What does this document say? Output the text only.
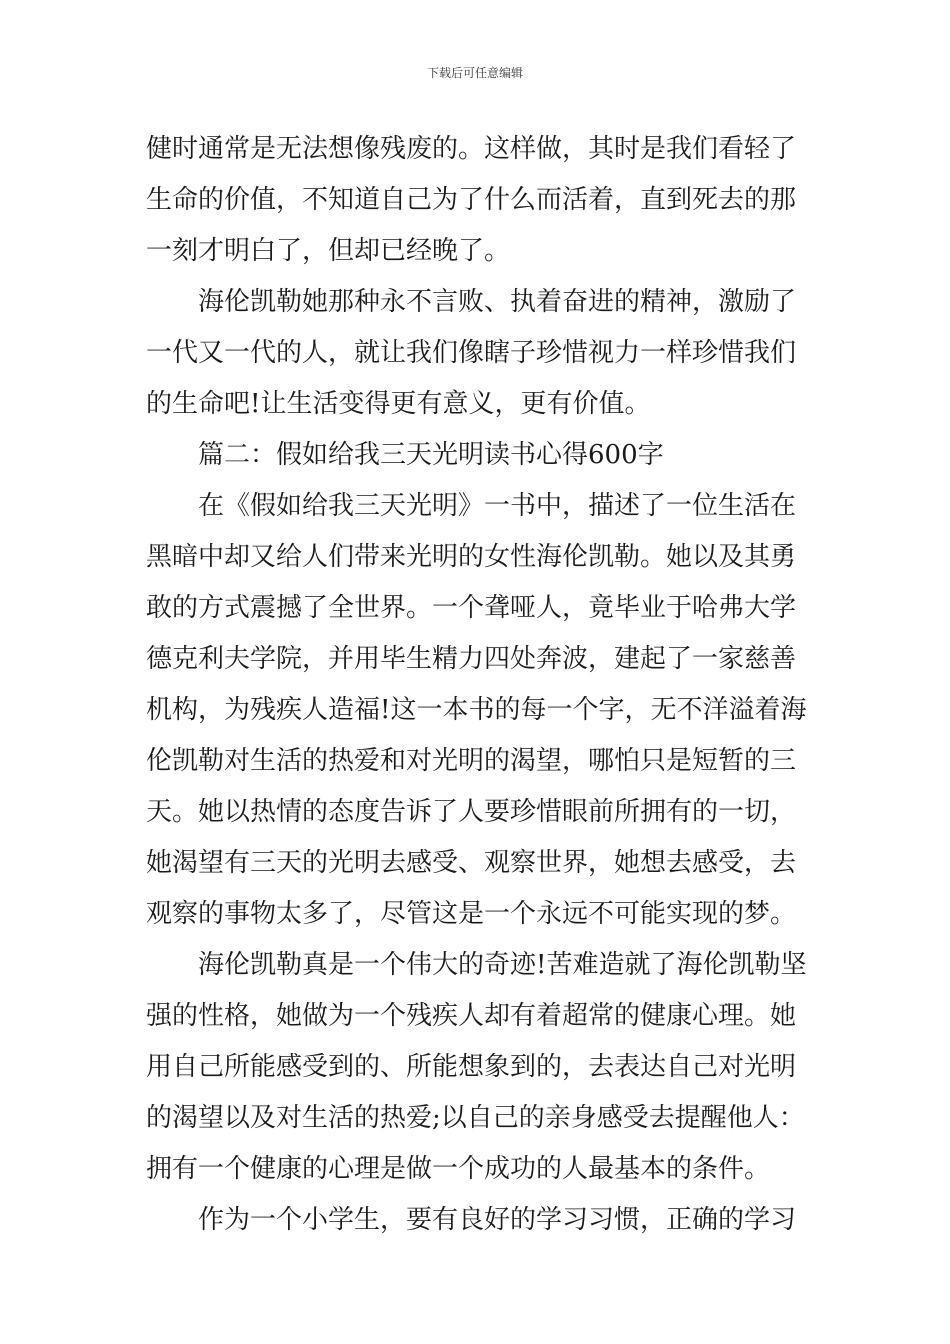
下载后可任意编辑
健时通常是无法想像残废的。这样做，其时是我们看轻了
生命的价值，不知道自己为了什么而活着，直到死去的那
一刻才明白了，但却已经晚了。
海伦凯勒她那种永不言败、执着奋进的精神，激励了
一代又一代的人，就让我们像瞎子珍惜视力一样珍惜我们
的生命吧!让生活变得更有意义，更有价值。
篇二：假如给我三天光明读书心得600字
在《假如给我三天光明》一书中，描述了一位生活在
黑暗中却又给人们带来光明的女性海伦凯勒。她以及其勇
敢的方式震撼了全世界。一个聋哑人，竟毕业于哈弗大学
德克利夫学院，并用毕生精力四处奔波，建起了一家慈善
机构，为残疾人造福!这一本书的每一个字，无不洋溢着海
伦凯勒对生活的热爱和对光明的渴望，哪怕只是短暂的三
天。她以热情的态度告诉了人要珍惜眼前所拥有的一切，
她渴望有三天的光明去感受、观察世界，她想去感受，去
观察的事物太多了，尽管这是一个永远不可能实现的梦。
海伦凯勒真是一个伟大的奇迹!苦难造就了海伦凯勒坚
强的性格，她做为一个残疾人却有着超常的健康心理。她
用自己所能感受到的、所能想象到的，去表达自己对光明
的渴望以及对生活的热爱;以自己的亲身感受去提醒他人：
拥有一个健康的心理是做一个成功的人最基本的条件。
作为一个小学生，要有良好的学习习惯，正确的学习
